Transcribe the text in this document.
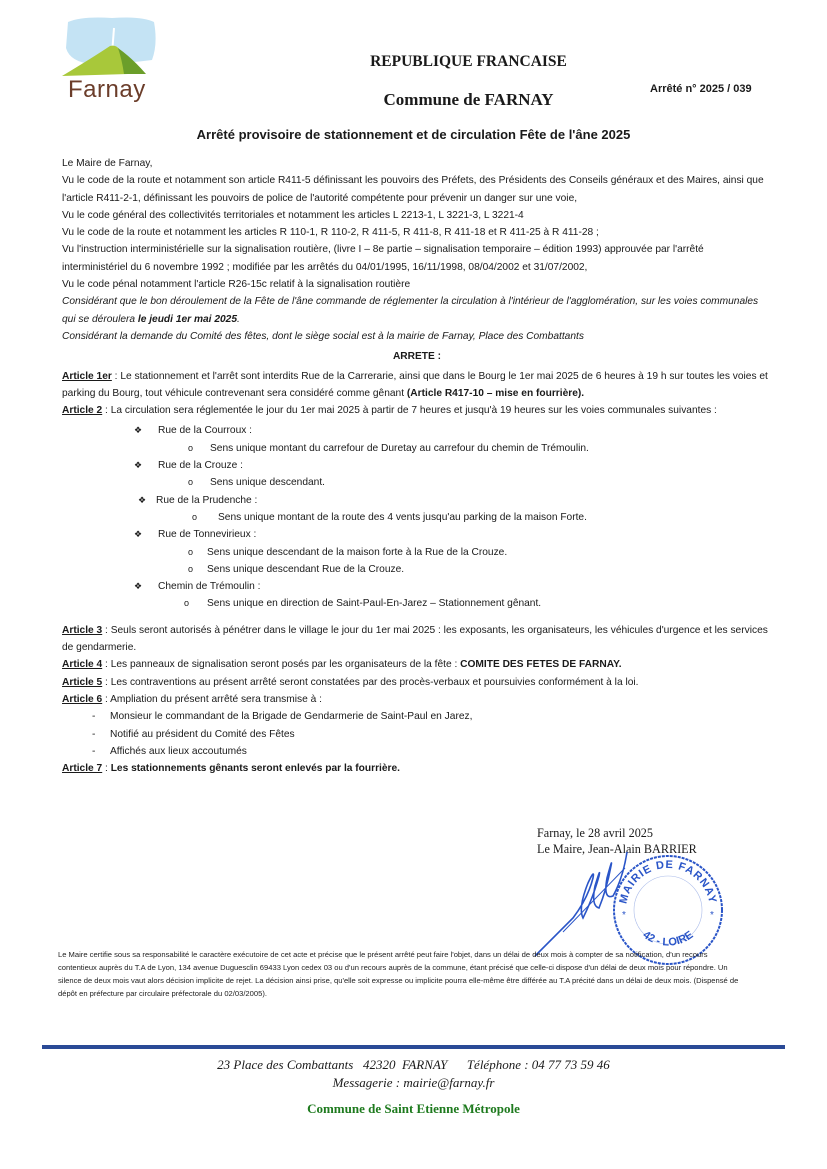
Farnay
REPUBLIQUE FRANCAISE
Commune de FARNAY
Arrêté n° 2025 / 039
Arrêté provisoire de stationnement et de circulation Fête de l'âne 2025

Le Maire de Farnay,

Vu le code de la route et notamment son article R411-5 définissant les pouvoirs des Préfets, des Présidents des Conseils généraux et des Maires, ainsi que l'article R411-2-1, définissant les pouvoirs de police de l'autorité compétente pour prévenir un danger sur une voie,

Vu le code général des collectivités territoriales et notamment les articles L 2213-1, L 3221-3, L 3221-4

Vu le code de la route et notamment les articles R 110-1, R 110-2, R 411-5, R 411-8, R 411-18 et R 411-25 à R 411-28 ;

Vu l'instruction interministérielle sur la signalisation routière, (livre I – 8e partie – signalisation temporaire – édition 1993) approuvée par l'arrêté interministériel du 6 novembre 1992 ; modifiée par les arrêtés du 04/01/1995, 16/11/1998, 08/04/2002 et 31/07/2002,

Vu le code pénal notamment l'article R26-15c relatif à la signalisation routière

Considérant que le bon déroulement de la Fête de l'âne commande de réglementer la circulation à l'intérieur de l'agglomération, sur les voies communales qui se déroulera le jeudi 1er mai 2025.

Considérant la demande du Comité des fêtes, dont le siège social est à la mairie de Farnay, Place des Combattants

ARRETE :

Article 1er : Le stationnement et l'arrêt sont interdits Rue de la Carrerarie, ainsi que dans le Bourg le 1er mai 2025 de 6 heures à 19 h sur toutes les voies et parking du Bourg, tout véhicule contrevenant sera considéré comme gênant (Article R417-10 – mise en fourrière).

Article 2 : La circulation sera réglementée le jour du 1er mai 2025 à partir de 7 heures et jusqu'à 19 heures sur les voies communales suivantes :

❖ Rue de la Courroux :
o Sens unique montant du carrefour de Duretay au carrefour du chemin de Trémoulin.
❖ Rue de la Crouze :
o Sens unique descendant.
❖ Rue de la Prudenche :
o Sens unique montant de la route des 4 vents jusqu'au parking de la maison Forte.
❖ Rue de Tonnevirieux :
o Sens unique descendant de la maison forte à la Rue de la Crouze.
o Sens unique descendant Rue de la Crouze.
❖ Chemin de Trémoulin :
o Sens unique en direction de Saint-Paul-En-Jarez – Stationnement gênant.

Article 3 : Seuls seront autorisés à pénétrer dans le village le jour du 1er mai 2025 : les exposants, les organisateurs, les véhicules d'urgence et les services de gendarmerie.

Article 4 : Les panneaux de signalisation seront posés par les organisateurs de la fête : COMITE DES FETES DE FARNAY.

Article 5 : Les contraventions au présent arrêté seront constatées par des procès-verbaux et poursuivies conformément à la loi.

Article 6 : Ampliation du présent arrêté sera transmise à :

- Monsieur le commandant de la Brigade de Gendarmerie de Saint-Paul en Jarez,
- Notifié au président du Comité des Fêtes
- Affichés aux lieux accoutumés

Article 7 : Les stationnements gênants seront enlevés par la fourrière.

Farnay, le 28 avril 2025
Le Maire, Jean-Alain BARRIER
MAIRIE DE FARNAY
42 - LOIRE
*	*
Le Maire certifie sous sa responsabilité le caractère exécutoire de cet acte et précise que le présent arrêté peut faire l'objet, dans un délai de deux mois à compter de sa notification, d'un recours contentieux auprès du T.A de Lyon, 134 avenue Duguesclin 69433 Lyon cedex 03 ou d'un recours auprès de la commune, étant précisé que celle-ci dispose d'un délai de deux mois pour répondre. Un silence de deux mois vaut alors décision implicite de rejet. La décision ainsi prise, qu'elle soit expresse ou implicite pourra elle-même être différée au T.A précité dans un délai de deux mois. (Dispensé de dépôt en préfecture par circulaire préfectorale du 02/03/2005).
23 Place des Combattants   42320  FARNAY      Téléphone : 04 77 73 59 46
Messagerie : mairie@farnay.fr
Commune de Saint Etienne Métropole
